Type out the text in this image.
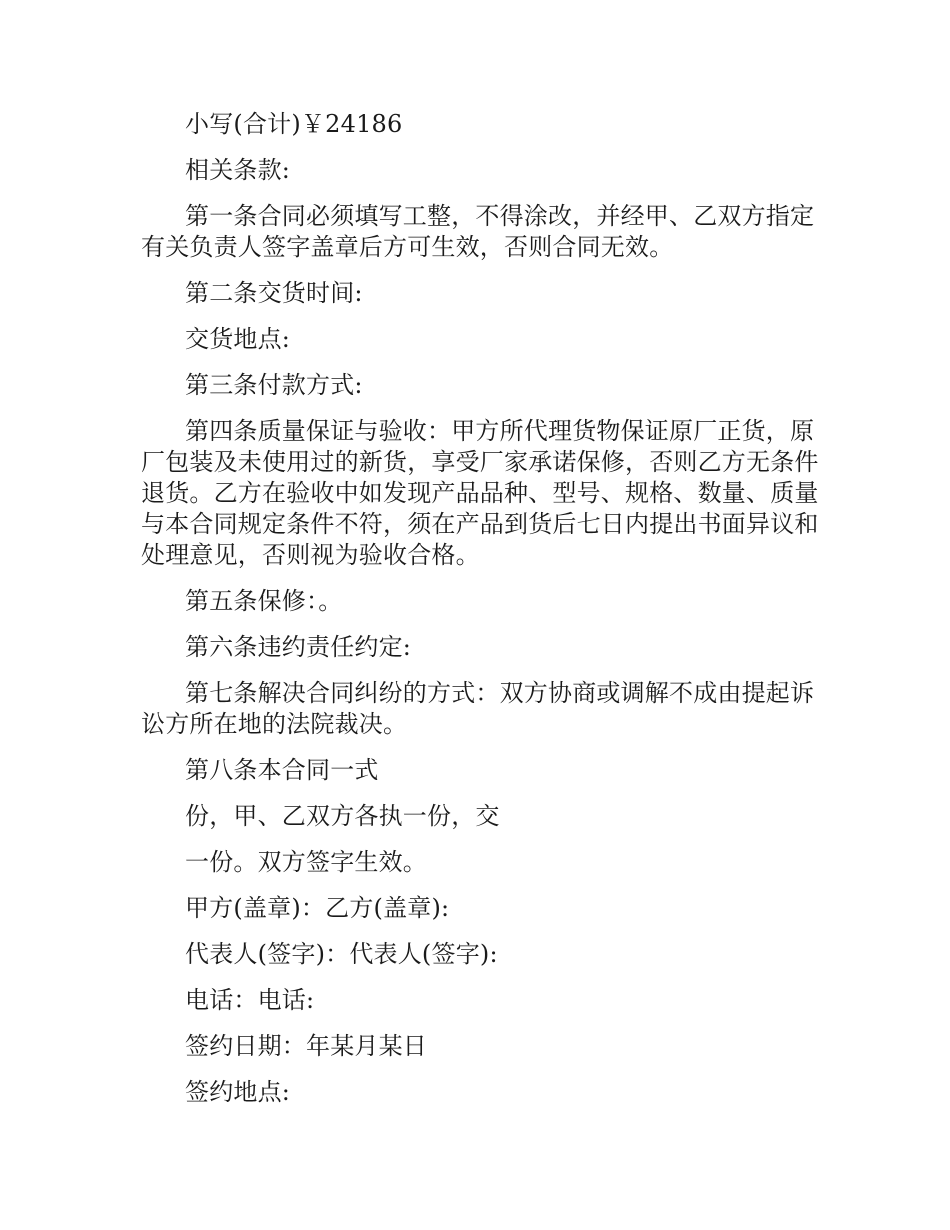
小写(合计)￥24186

相关条款:

第一条合同必须填写工整，不得涂改，并经甲、乙双方指定有关负责人签字盖章后方可生效，否则合同无效。

第二条交货时间:

交货地点:

第三条付款方式:

第四条质量保证与验收：甲方所代理货物保证原厂正货，原厂包装及未使用过的新货，享受厂家承诺保修，否则乙方无条件退货。乙方在验收中如发现产品品种、型号、规格、数量、质量与本合同规定条件不符，须在产品到货后七日内提出书面异议和处理意见，否则视为验收合格。

第五条保修：。

第六条违约责任约定:

第七条解决合同纠纷的方式：双方协商或调解不成由提起诉讼方所在地的法院裁决。

第八条本合同一式

份，甲、乙双方各执一份，交

一份。双方签字生效。

甲方(盖章)：乙方(盖章):

代表人(签字)：代表人(签字):

电话：电话:

签约日期：年某月某日

签约地点:
